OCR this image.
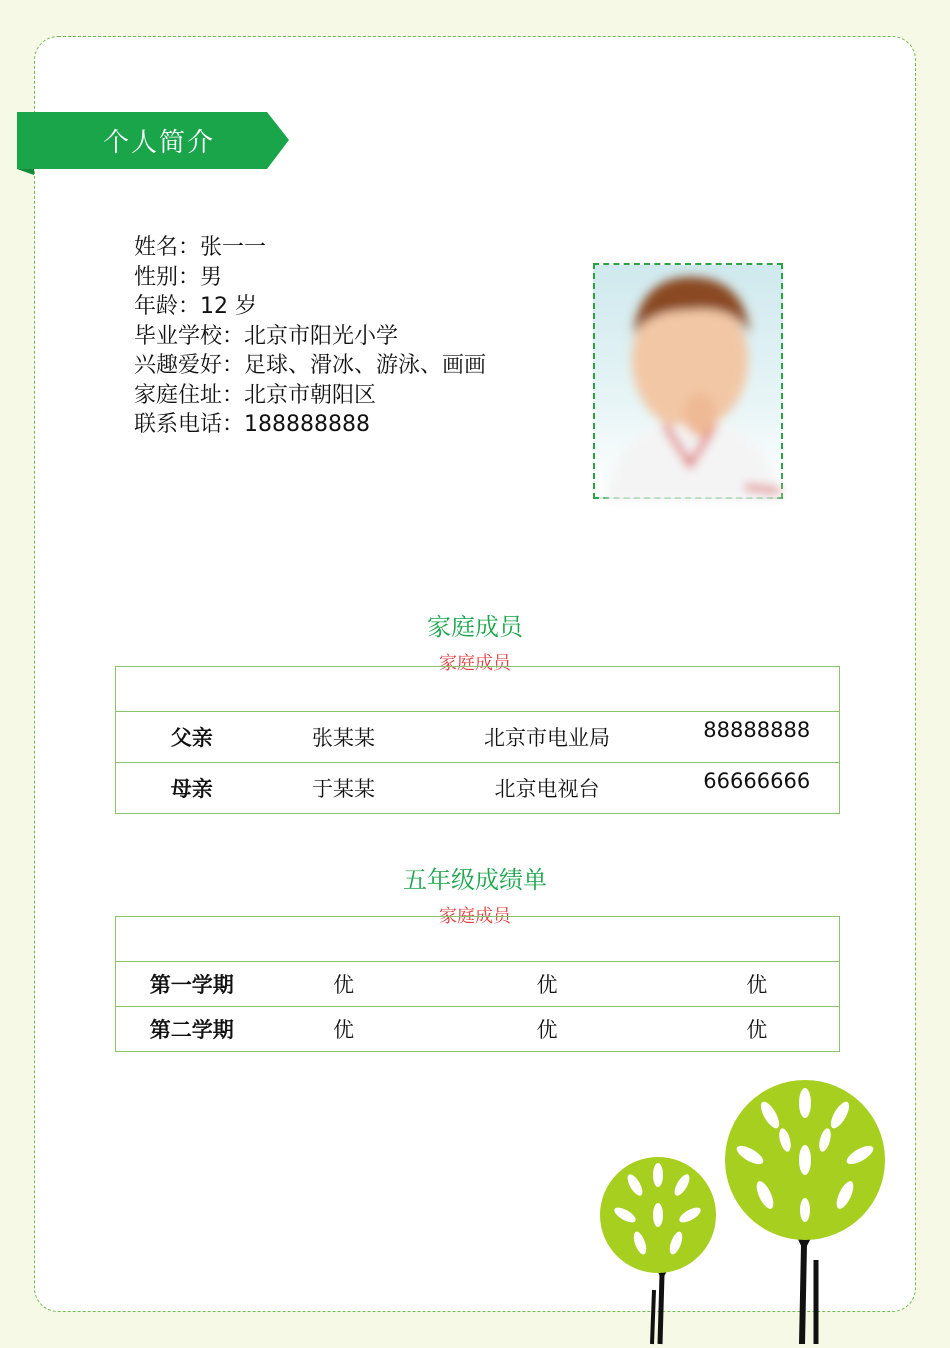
个人简介
姓名：张一一
性别：男
年龄：12 岁
毕业学校：北京市阳光小学
兴趣爱好：足球、滑冰、游泳、画画
家庭住址：北京市朝阳区
联系电话：188888888
家庭成员
家庭成员

父亲	张某某	北京市电业局	88888888
母亲	于某某	北京电视台	66666666
五年级成绩单
家庭成员

第一学期	优	优	优
第二学期	优	优	优
